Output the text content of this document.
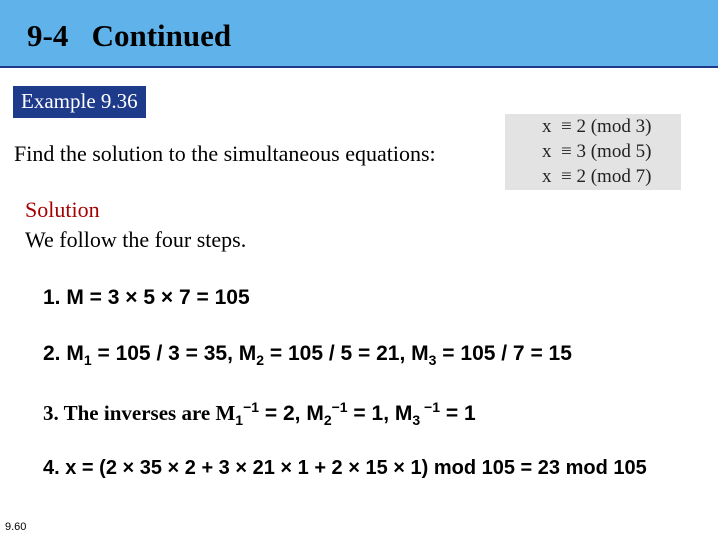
9-4   Continued
Example 9.36
Find the solution to the simultaneous equations:
x  ≡ 2 (mod 3)
x  ≡ 3 (mod 5)
x  ≡ 2 (mod 7)
Solution
We follow the four steps.
1. M = 3 × 5 × 7 = 105
2. $M_1 = 105 / 3 = 35$, $M_2 = 105 / 5 = 21$, $M_3 = 105 / 7 = 15$
3. The inverses are $M_1^{-1} = 2$, $M_2^{-1} = 1$, $M_3$ $^{-1}$ = 1
4. x = (2 × 35 × 2 + 3 × 21 × 1 + 2 × 15 × 1) mod 105 = 23 mod 105
9.60
